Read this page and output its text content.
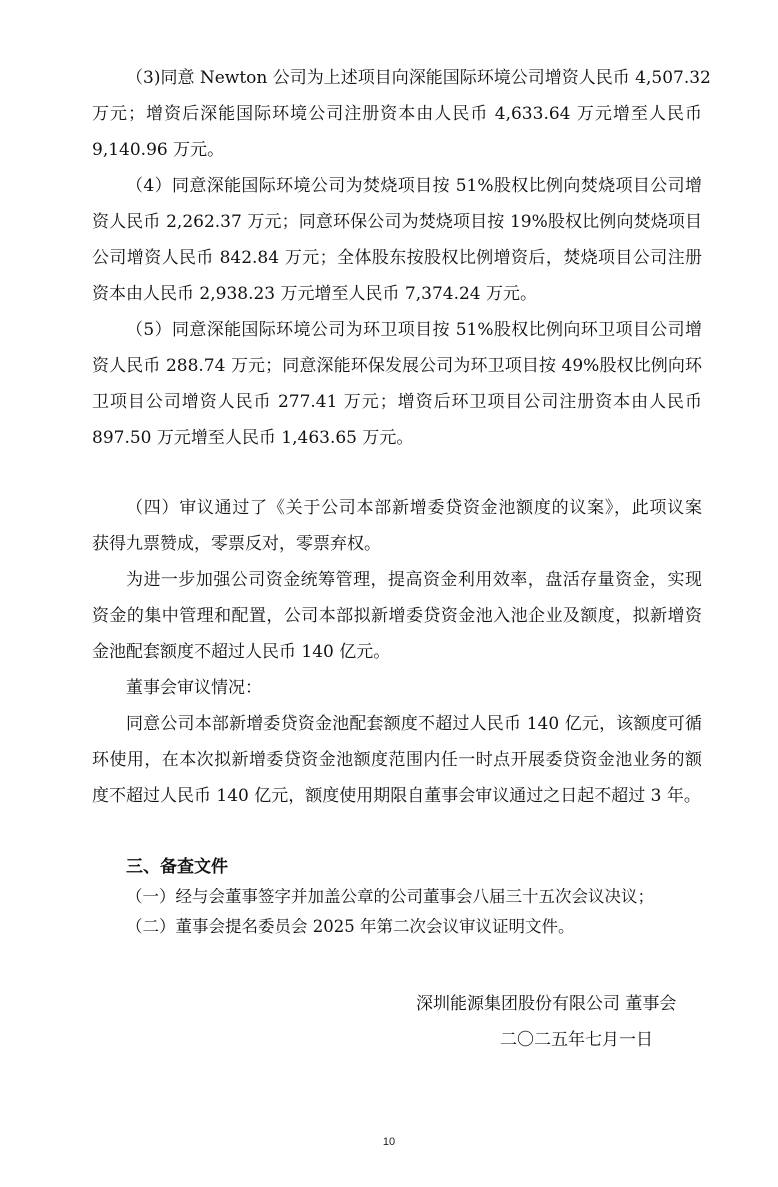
（3)同意 Newton 公司为上述项目向深能国际环境公司增资人民币 4,507.32
万元；增资后深能国际环境公司注册资本由人民币 4,633.64 万元增至人民币
9,140.96 万元。
（4）同意深能国际环境公司为焚烧项目按 51%股权比例向焚烧项目公司增
资人民币 2,262.37 万元；同意环保公司为焚烧项目按 19%股权比例向焚烧项目
公司增资人民币 842.84 万元；全体股东按股权比例增资后，焚烧项目公司注册
资本由人民币 2,938.23 万元增至人民币 7,374.24 万元。
（5）同意深能国际环境公司为环卫项目按 51%股权比例向环卫项目公司增
资人民币 288.74 万元；同意深能环保发展公司为环卫项目按 49%股权比例向环
卫项目公司增资人民币 277.41 万元；增资后环卫项目公司注册资本由人民币
897.50 万元增至人民币 1,463.65 万元。
（四）审议通过了《关于公司本部新增委贷资金池额度的议案》，此项议案
获得九票赞成，零票反对，零票弃权。
为进一步加强公司资金统筹管理，提高资金利用效率，盘活存量资金，实现
资金的集中管理和配置，公司本部拟新增委贷资金池入池企业及额度，拟新增资
金池配套额度不超过人民币 140 亿元。
董事会审议情况：
同意公司本部新增委贷资金池配套额度不超过人民币 140 亿元，该额度可循
环使用，在本次拟新增委贷资金池额度范围内任一时点开展委贷资金池业务的额
度不超过人民币 140 亿元，额度使用期限自董事会审议通过之日起不超过 3 年。
三、备查文件
（一）经与会董事签字并加盖公章的公司董事会八届三十五次会议决议；
（二）董事会提名委员会 2025 年第二次会议审议证明文件。
深圳能源集团股份有限公司 董事会
二〇二五年七月一日
10
